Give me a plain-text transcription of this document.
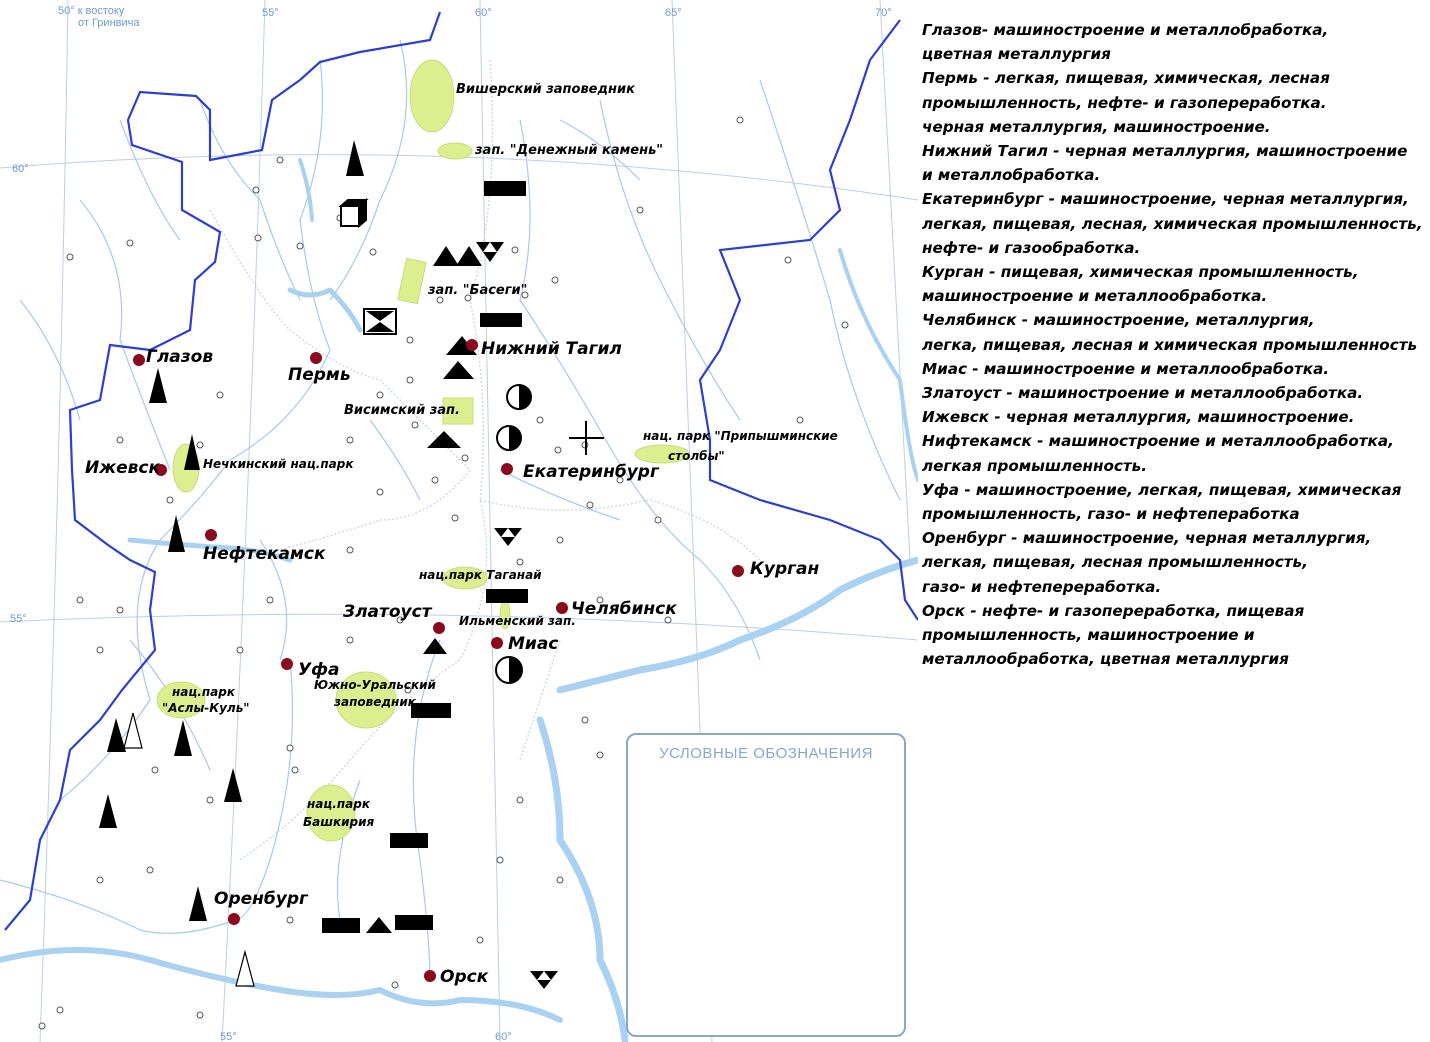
50° к востоку
от Гринвича
55°	60°	65°	70°
60°
55°
55°	60°
Глазов
Пермь
Ижевск
Нефтекамск
Нижний Тагил
Екатеринбург
Курган
Челябинск
Златоуст
Миас
Уфа
Оренбург
Орск
Вишерский заповедник
зап. "Денежный камень"
зап. "Басеги"
Висимский зап.
нац. парк "Припышминские
столбы"
Нечкинский нац.парк
нац.парк Таганай
Ильменский зап.
Южно-Уральский
заповедник
нац.парк
"Аслы-Куль"
нац.парк
Башкирия
УСЛОВНЫЕ ОБОЗНАЧЕНИЯ
Глазов- машиностроение и металлобработка,
цветная металлургия
Пермь - легкая, пищевая, химическая, лесная
промышленность, нефте- и газопереработка.
черная металлургия, машиностроение.
Нижний Тагил - черная металлургия, машиностроение
и металлобработка.
Екатеринбург - машиностроение, черная металлургия,
легкая, пищевая, лесная, химическая промышленность,
нефте- и газообработка.
Курган - пищевая, химическая промышленность,
машиностроение и металлообработка.
Челябинск - машиностроение, металлургия,
легка, пищевая, лесная и химическая промышленность
Миас - машиностроение и металлообработка.
Златоуст - машиностроение и металлообработка.
Ижевск - черная металлургия, машиностроение.
Нифтекамск - машиностроение и металлообработка,
легкая промышленность.
Уфа - машиностроение, легкая, пищевая, химическая
промышленность, газо- и нефтепеработка
Оренбург - машиностроение, черная металлургия,
легкая, пищевая, лесная промышленность,
газо- и нефтепереработка.
Орск - нефте- и газопереработка, пищевая
промышленность, машиностроение и
металлообработка, цветная металлургия
